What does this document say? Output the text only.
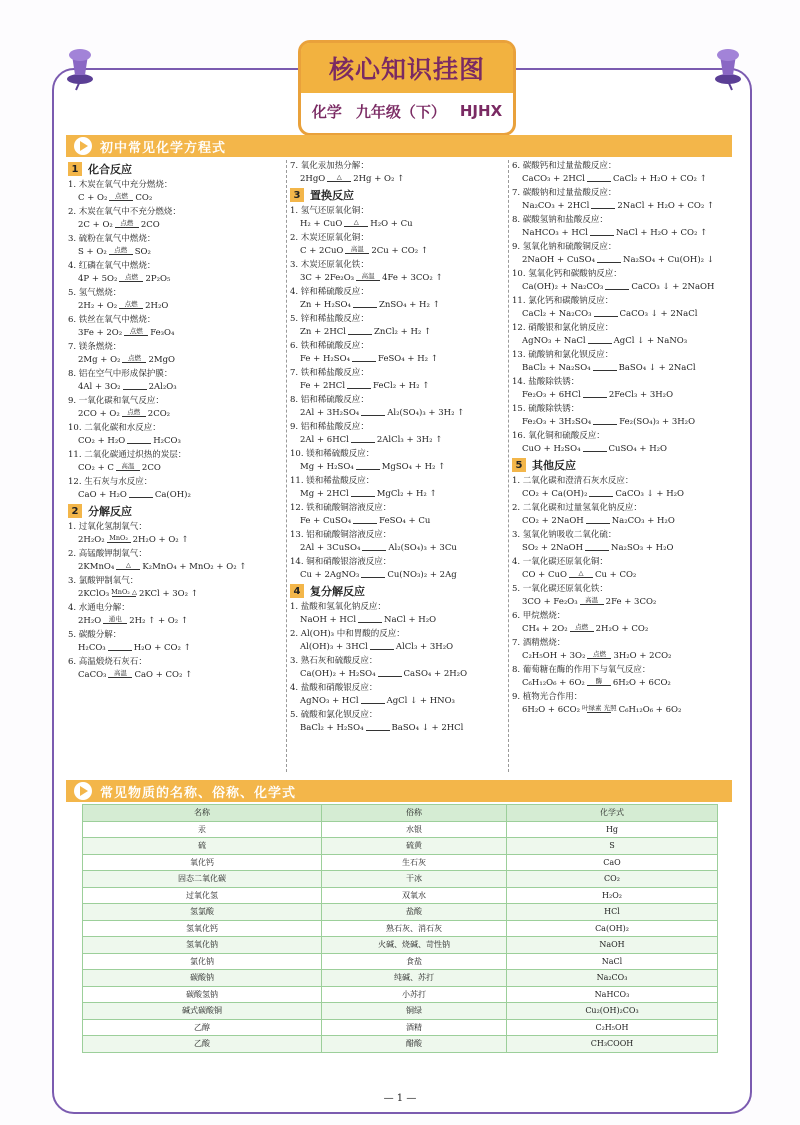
核心知识挂图
化学 九年级（下） HJHX
初中常见化学方程式
1 化合反应
1. 木炭在氧气中充分燃烧：
C + O₂ 点燃 CO₂
2. 木炭在氧气中不充分燃烧：
2C + O₂ 点燃 2CO
3. 硫粉在氧气中燃烧：
S + O₂ 点燃 SO₂
4. 红磷在氧气中燃烧：
4P + 5O₂ 点燃 2P₂O₅
5. 氢气燃烧：
2H₂ + O₂ 点燃 2H₂O
6. 铁丝在氧气中燃烧：
3Fe + 2O₂ 点燃 Fe₃O₄
7. 镁条燃烧：
2Mg + O₂ 点燃 2MgO
8. 铝在空气中形成保护膜：
4Al + 3O₂	2Al₂O₃
9. 一氧化碳和氧气反应：
2CO + O₂ 点燃 2CO₂
10. 二氧化碳和水反应：
CO₂ + H₂O	H₂CO₃
11. 二氧化碳通过炽热的炭层：
CO₂ + C 高温 2CO
12. 生石灰与水反应：
CaO + H₂O	Ca(OH)₂
2 分解反应
1. 过氧化氢制氧气：
2H₂O₂ MnO₂ 2H₂O + O₂ ↑
2. 高锰酸钾制氧气：
2KMnO₄ △ K₂MnO₄ + MnO₂ + O₂ ↑
3. 氯酸钾制氧气：
2KClO₃ MnO₂ △ 2KCl + 3O₂ ↑
4. 水通电分解：
2H₂O 通电 2H₂ ↑ + O₂ ↑
5. 碳酸分解：
H₂CO₃	H₂O + CO₂ ↑
6. 高温煅烧石灰石：
CaCO₃ 高温 CaO + CO₂ ↑
7. 氧化汞加热分解：
2HgO △ 2Hg + O₂ ↑
3 置换反应
1. 氢气还原氧化铜：
H₂ + CuO △ H₂O + Cu
2. 木炭还原氧化铜：
C + 2CuO 高温 2Cu + CO₂ ↑
3. 木炭还原氧化铁：
3C + 2Fe₂O₃ 高温 4Fe + 3CO₂ ↑
4. 锌和稀硫酸反应：
Zn + H₂SO₄	ZnSO₄ + H₂ ↑
5. 锌和稀盐酸反应：
Zn + 2HCl	ZnCl₂ + H₂ ↑
6. 铁和稀硫酸反应：
Fe + H₂SO₄	FeSO₄ + H₂ ↑
7. 铁和稀盐酸反应：
Fe + 2HCl	FeCl₂ + H₂ ↑
8. 铝和稀硫酸反应：
2Al + 3H₂SO₄	Al₂(SO₄)₃ + 3H₂ ↑
9. 铝和稀盐酸反应：
2Al + 6HCl	2AlCl₃ + 3H₂ ↑
10. 镁和稀硫酸反应：
Mg + H₂SO₄	MgSO₄ + H₂ ↑
11. 镁和稀盐酸反应：
Mg + 2HCl	MgCl₂ + H₂ ↑
12. 铁和硫酸铜溶液反应：
Fe + CuSO₄	FeSO₄ + Cu
13. 铝和硫酸铜溶液反应：
2Al + 3CuSO₄	Al₂(SO₄)₃ + 3Cu
14. 铜和硝酸银溶液反应：
Cu + 2AgNO₃	Cu(NO₃)₂ + 2Ag
4 复分解反应
1. 盐酸和氢氧化钠反应：
NaOH + HCl	NaCl + H₂O
2. Al(OH)₃ 中和胃酸的反应：
Al(OH)₃ + 3HCl	AlCl₃ + 3H₂O
3. 熟石灰和硫酸反应：
Ca(OH)₂ + H₂SO₄	CaSO₄ + 2H₂O
4. 盐酸和硝酸银反应：
AgNO₃ + HCl	AgCl ↓ + HNO₃
5. 硫酸和氯化钡反应：
BaCl₂ + H₂SO₄	BaSO₄ ↓ + 2HCl
6. 碳酸钙和过量盐酸反应：
CaCO₃ + 2HCl	CaCl₂ + H₂O + CO₂ ↑
7. 碳酸钠和过量盐酸反应：
Na₂CO₃ + 2HCl	2NaCl + H₂O + CO₂ ↑
8. 碳酸氢钠和盐酸反应：
NaHCO₃ + HCl	NaCl + H₂O + CO₂ ↑
9. 氢氧化钠和硫酸铜反应：
2NaOH + CuSO₄	Na₂SO₄ + Cu(OH)₂ ↓
10. 氢氧化钙和碳酸钠反应：
Ca(OH)₂ + Na₂CO₃	CaCO₃ ↓ + 2NaOH
11. 氯化钙和碳酸钠反应：
CaCl₂ + Na₂CO₃	CaCO₃ ↓ + 2NaCl
12. 硝酸银和氯化钠反应：
AgNO₃ + NaCl	AgCl ↓ + NaNO₃
13. 硫酸钠和氯化钡反应：
BaCl₂ + Na₂SO₄	BaSO₄ ↓ + 2NaCl
14. 盐酸除铁锈：
Fe₂O₃ + 6HCl	2FeCl₃ + 3H₂O
15. 硫酸除铁锈：
Fe₂O₃ + 3H₂SO₄	Fe₂(SO₄)₃ + 3H₂O
16. 氧化铜和硫酸反应：
CuO + H₂SO₄	CuSO₄ + H₂O
5 其他反应
1. 二氧化碳和澄清石灰水反应：
CO₂ + Ca(OH)₂	CaCO₃ ↓ + H₂O
2. 二氧化碳和过量氢氧化钠反应：
CO₂ + 2NaOH	Na₂CO₃ + H₂O
3. 氢氧化钠吸收二氧化硫：
SO₂ + 2NaOH	Na₂SO₃ + H₂O
4. 一氧化碳还原氧化铜：
CO + CuO △ Cu + CO₂
5. 一氧化碳还原氧化铁：
3CO + Fe₂O₃ 高温 2Fe + 3CO₂
6. 甲烷燃烧：
CH₄ + 2O₂ 点燃 2H₂O + CO₂
7. 酒精燃烧：
C₂H₅OH + 3O₂ 点燃 3H₂O + 2CO₂
8. 葡萄糖在酶的作用下与氧气反应：
C₆H₁₂O₆ + 6O₂ 酶 6H₂O + 6CO₂
9. 植物光合作用：
6H₂O + 6CO₂ 叶绿素 光照 C₆H₁₂O₆ + 6O₂
常见物质的名称、俗称、化学式
名称	俗称	化学式
汞	水银	Hg
硫	硫黄	S
氧化钙	生石灰	CaO
固态二氧化碳	干冰	CO₂
过氧化氢	双氧水	H₂O₂
氢氯酸	盐酸	HCl
氢氧化钙	熟石灰、消石灰	Ca(OH)₂
氢氧化钠	火碱、烧碱、苛性钠	NaOH
氯化钠	食盐	NaCl
碳酸钠	纯碱、苏打	Na₂CO₃
碳酸氢钠	小苏打	NaHCO₃
碱式碳酸铜	铜绿	Cu₂(OH)₂CO₃
乙醇	酒精	C₂H₅OH
乙酸	醋酸	CH₃COOH
— 1 —
